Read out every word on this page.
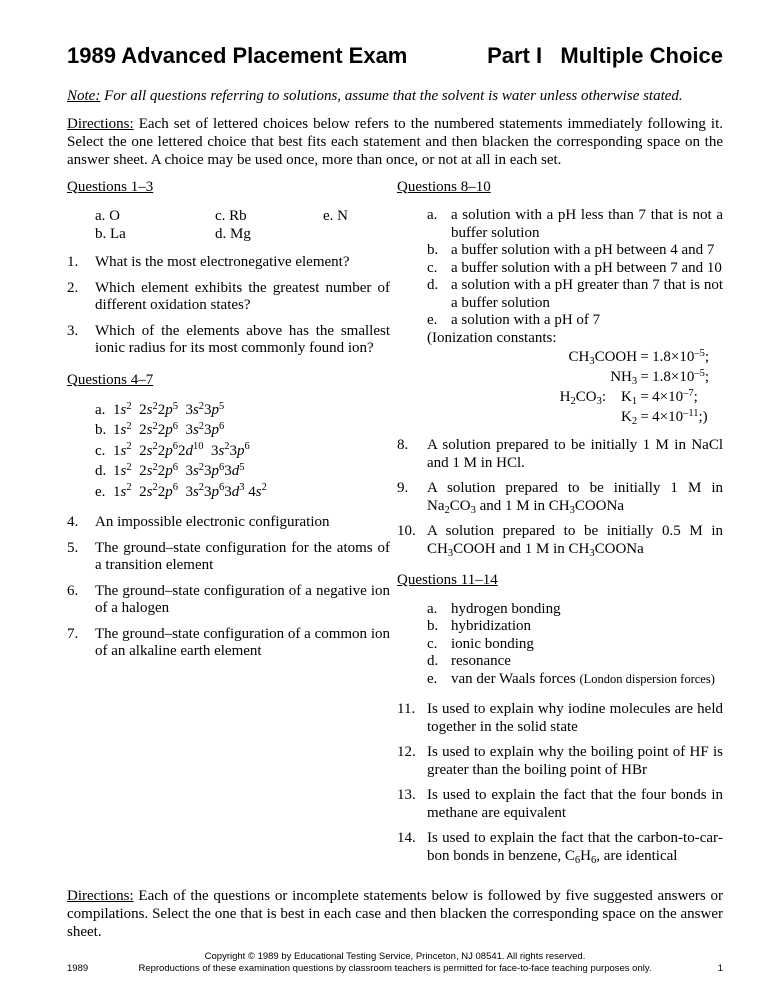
1989 Advanced Placement Exam	Part I   Multiple Choice
Note: For all questions referring to solutions, assume that the solvent is water unless otherwise stated.
Directions: Each set of lettered choices below refers to the numbered statements immediately following it. Select the one lettered choice that best fits each statement and then blacken the corresponding space on the answer sheet. A choice may be used once, more than once, or not at all in each set.
Questions 1–3
a. O	c. Rb	e. N
b. La	d. Mg
1.	What is the most electronegative element?
2.	Which element exhibits the greatest number of different oxidation states?
3.	Which of the elements above has the smallest ionic radius for its most commonly found ion?
Questions 4–7
a. $1s^2$  $2s^22p^5$  $3s^23p^5$
b. $1s^2$  $2s^22p^6$  $3s^23p^6$
c. $1s^2$  $2s^22p^62d^{10}$  $3s^23p^6$
d. $1s^2$  $2s^22p^6$  $3s^23p^63d^5$
e. $1s^2$  $2s^22p^6$  $3s^23p^63d^3$ $4s^2$
4.	An impossible electronic configuration
5.	The ground–state configuration for the atoms of a transition element
6.	The ground–state configuration of a negative ion of a halogen
7.	The ground–state configuration of a common ion of an alkaline earth element
Questions 8–10
a. a solution with a pH less than 7 that is not a buffer solution
b. a buffer solution with a pH between 4 and 7
c. a buffer solution with a pH between 7 and 10
d. a solution with a pH greater than 7 that is not a buffer solution
e. a solution with a pH of 7
(Ionization constants:
$CH_3COOH = 1.8\times 10^{-5}$;
$NH_3 = 1.8\times 10^{-5}$;
$H_2CO_3$:    $K_1 = 4\times 10^{-7}$;
$K_2$ = $4\times 10^{-11}$;)
8.	A solution prepared to be initially 1 M in NaCl and 1 M in HCl.
9.	A solution prepared to be initially 1 M in $Na_2CO_3$ and 1 M in $CH_3COONa$
10. A solution prepared to be initially 0.5 M in $CH_3COOH$ and 1 M in $CH_3COONa$
Questions 11–14
a. hydrogen bonding
b. hybridization
c. ionic bonding
d. resonance
e. van der Waals forces (London dispersion forces)
11. Is used to explain why iodine molecules are held together in the solid state
12. Is used to explain why the boiling point of HF is greater than the boiling point of HBr
13. Is used to explain the fact that the four bonds in methane are equivalent
14. Is used to explain the fact that the carbon-to-carbon bonds in benzene, $C_6H_6$, are identical
Directions: Each of the questions or incomplete statements below is followed by five suggested answers or compilations. Select the one that is best in each case and then blacken the corresponding space on the answer sheet.
1989
Copyright © 1989 by Educational Testing Service, Princeton, NJ 08541. All rights reserved.
Reproductions of these examination questions by classroom teachers is permitted for face-to-face teaching purposes only.	1
